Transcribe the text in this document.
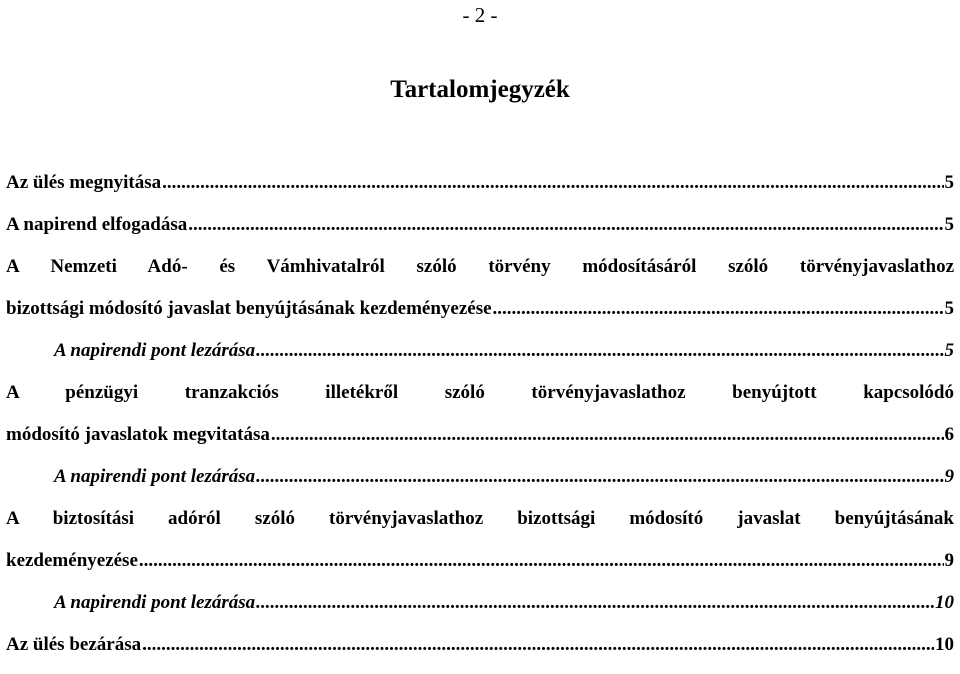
- 2 -
Tartalomjegyzék
Az ülés megnyitása .....	5
A napirend elfogadása .....	5
A Nemzeti Adó- és Vámhivatalról szóló törvény módosításáról szóló törvényjavaslathoz
bizottsági módosító javaslat benyújtásának kezdeményezése .....	5
A napirendi pont lezárása .....	5
A pénzügyi tranzakciós illetékről szóló törvényjavaslathoz benyújtott kapcsolódó
módosító javaslatok megvitatása .....	6
A napirendi pont lezárása .....	9
A biztosítási adóról szóló törvényjavaslathoz bizottsági módosító javaslat benyújtásának
kezdeményezése .....	9
A napirendi pont lezárása .....	10
Az ülés bezárása .....	10
